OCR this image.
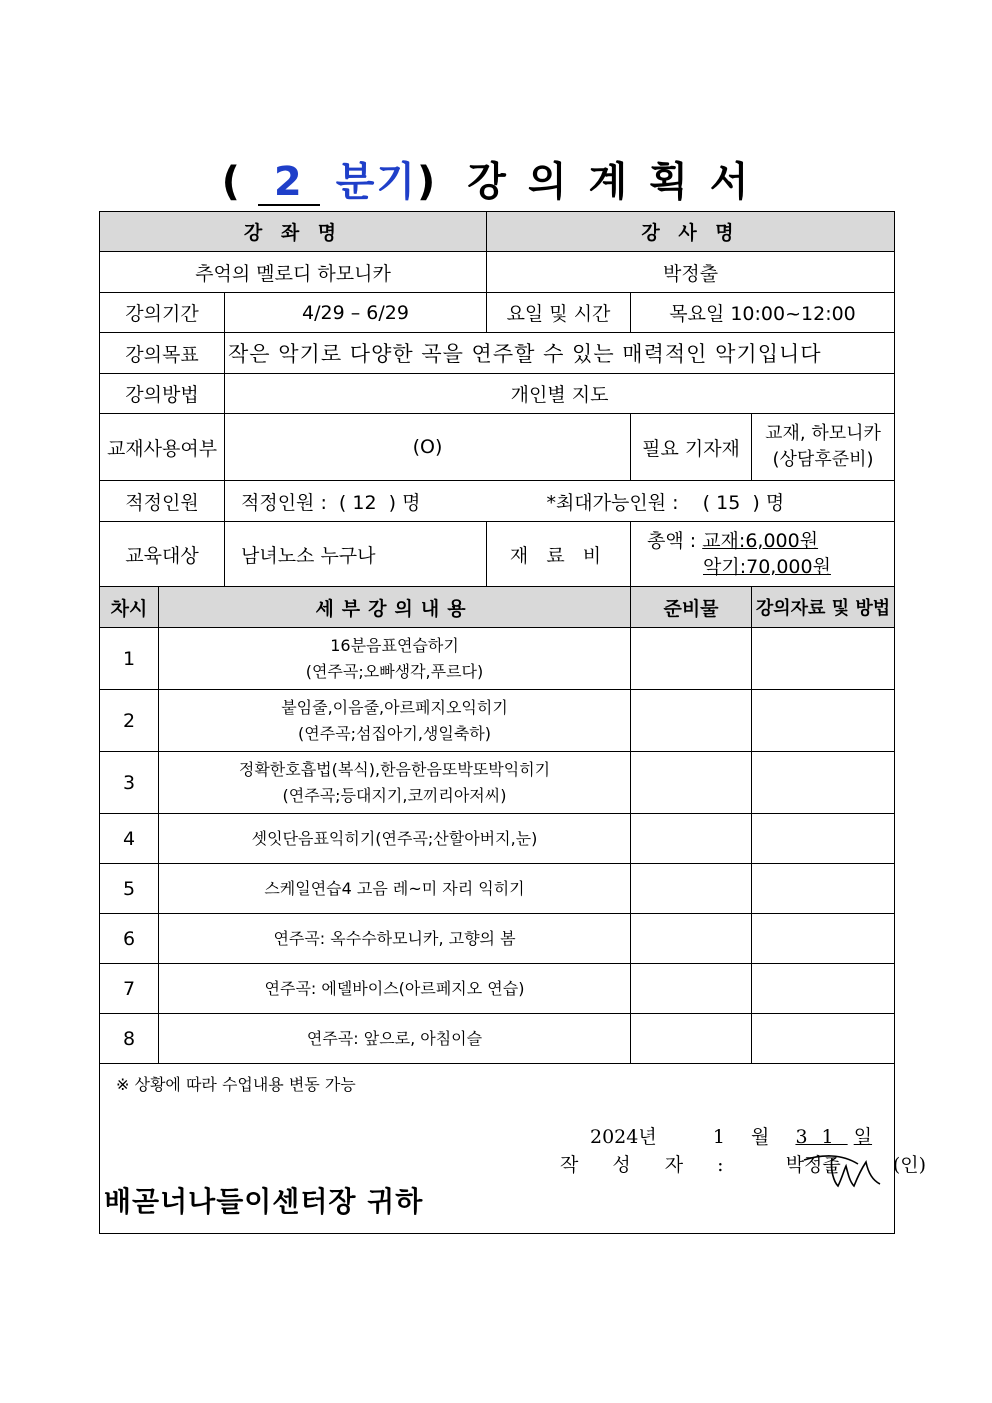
( 2 분기) 강의계획서
강 좌 명			강 사 명		
추억의 멜로디 하모니카			박정출		
강의기간		4/29 – 6/29	요일 및 시간	목요일 10:00~12:00	
강의목표		작은 악기로 다양한 곡을 연주할 수 있는 매력적인 악기입니다			
강의방법		개인별 지도			
교재사용여부		(O)		필요 기자재	교재, 하모니카
(상담후준비)

적정인원		적정인원 :  ( 12  ) 명 *최대가능인원 :    ( 15  ) 명			
교육대상		남녀노소 누구나	재 료 비	총액 : 교재:6,000원
악기:70,000원	

차시	세부강의내용			준비물	강의자료 및 방법
1	16분음표연습하기
(연주곡;오빠생각,푸르다)				

2	붙임줄,이음줄,아르페지오익히기
(연주곡;섬집아기,생일축하)				

3	정확한호흡법(복식),한음한음또박또박익히기
(연주곡;등대지기,코끼리아저씨)				

4	셋잇단음표익히기(연주곡;산할아버지,눈)				
5	스케일연습4 고음 레~미 자리 익히기				
6	연주곡: 옥수수하모니카, 고향의 봄				
7	연주곡: 에델바이스(아르페지오 연습)				
8	연주곡: 앞으로, 아침이슬				

※ 상황에 따라 수업내용 변동 가능
2024년 1 월 31 일
작 성 자 : 박정출 (인)
배곧너나들이센터장 귀하					
